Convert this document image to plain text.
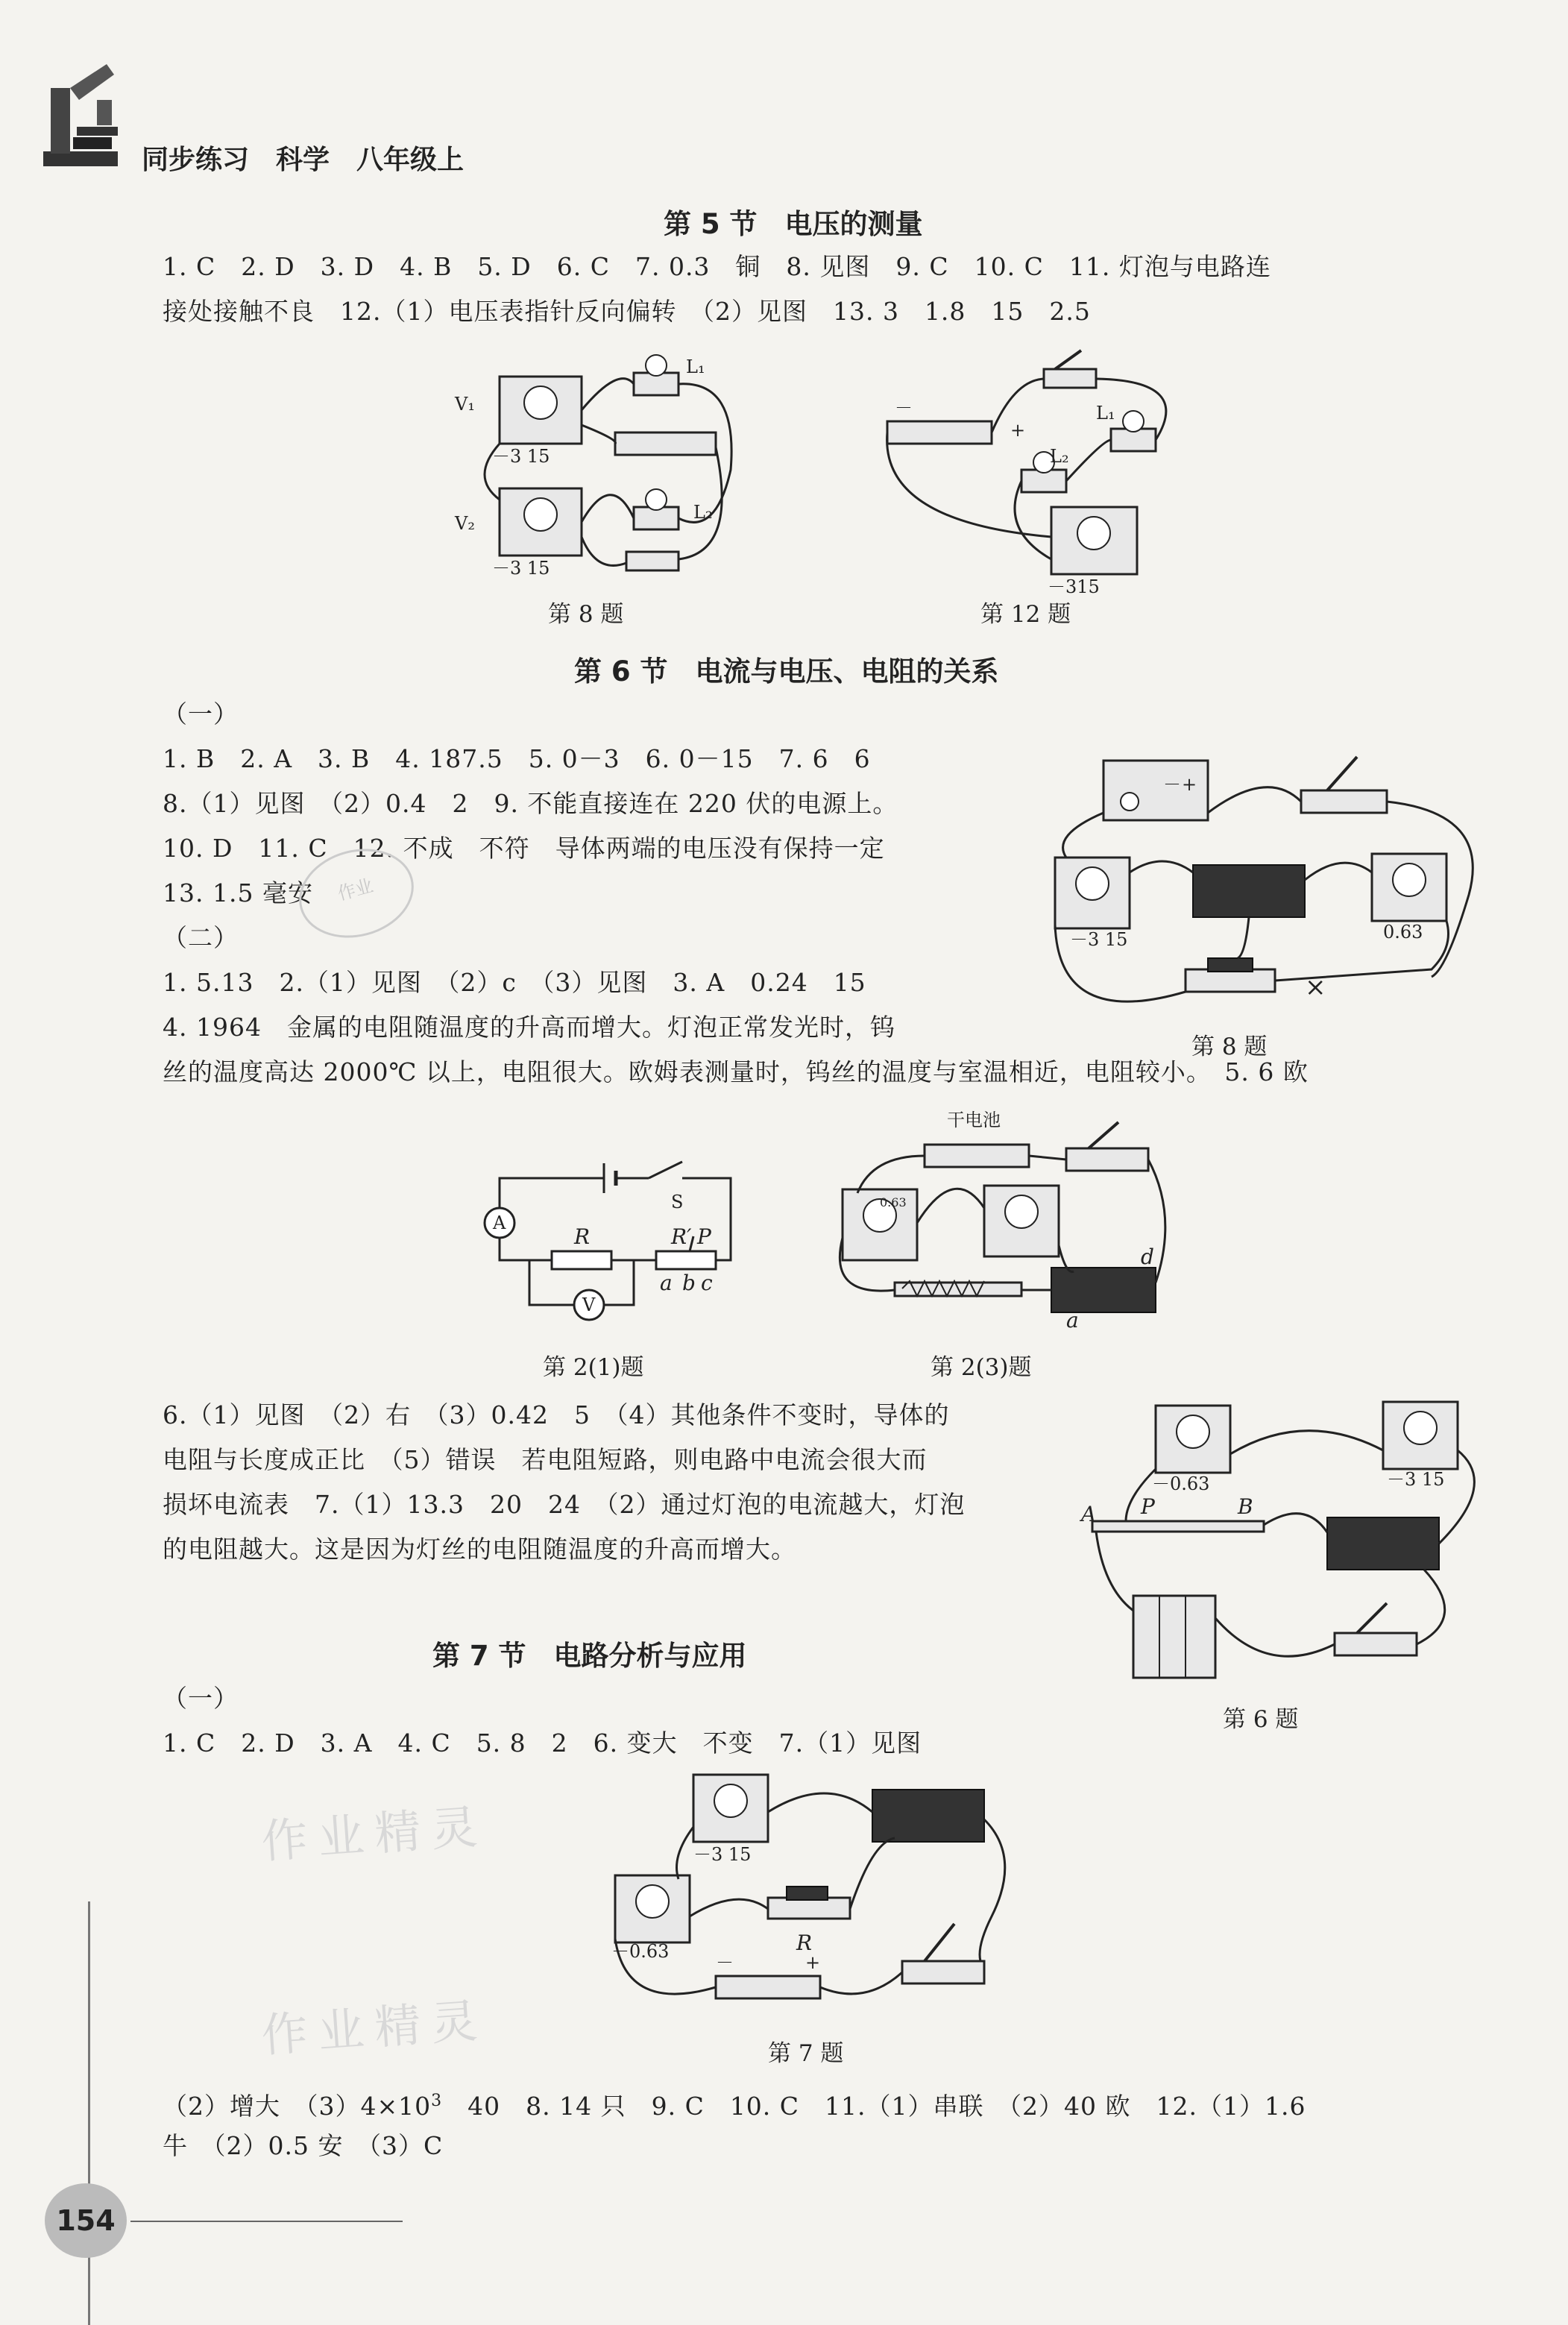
同步练习　科学　八年级上
第 5 节　电压的测量
1. C　2. D　3. D　4. B　5. D　6. C　7. 0.3　铜　8. 见图　9. C　10. C　11. 灯泡与电路连
接处接触不良　12.（1）电压表指针反向偏转　（2）见图　13. 3　1.8　15　2.5
V₁
V₂
L₁
L₂
－3 15
－3 15
第 8 题
－
+
L₁
L₂
－315
第 12 题
第 6 节　电流与电压、电阻的关系
（一）
1. B　2. A　3. B　4. 187.5　5. 0－3　6. 0－15　7. 6　6
8.（1）见图　（2）0.4　2　9. 不能直接连在 220 伏的电源上。
10. D　11. C　12. 不成　不符　导体两端的电压没有保持一定
13. 1.5 毫安	作业
（二）
1. 5.13　2.（1）见图　（2）c　（3）见图　3. A　0.24　15
4. 1964　金属的电阻随温度的升高而增大。灯泡正常发光时，钨
丝的温度高达 2000℃ 以上，电阻很大。欧姆表测量时，钨丝的温度与室温相近，电阻较小。　5. 6 欧
－ +
－3 15	0.63
×
第 8 题
A
V
R	R′ P
S
a b c
第 2(1)题
干电池
0.63
d
a
第 2(3)题
6.（1）见图　（2）右　（3）0.42　5　（4）其他条件不变时，导体的
电阻与长度成正比　（5）错误　若电阻短路，则电路中电流会很大而
损坏电流表　7.（1）13.3　20　24　（2）通过灯泡的电流越大，灯泡
的电阻越大。这是因为灯丝的电阻随温度的升高而增大。
A P	B
－0.63	－3 15
第 6 题
第 7 节　电路分析与应用
（一）
1. C　2. D　3. A　4. C　5. 8　2　6. 变大　不变　7.（1）见图
作业精灵
作业精灵
R
－	+
－3 15
－0.63
第 7 题
（2）增大　$(3)4\times 10^3$　40　8. 14 只　9. C　10. C　11.（1）串联　（2）40 欧　12.（1）1.6
牛　（2）0.5 安　（3）C
154
